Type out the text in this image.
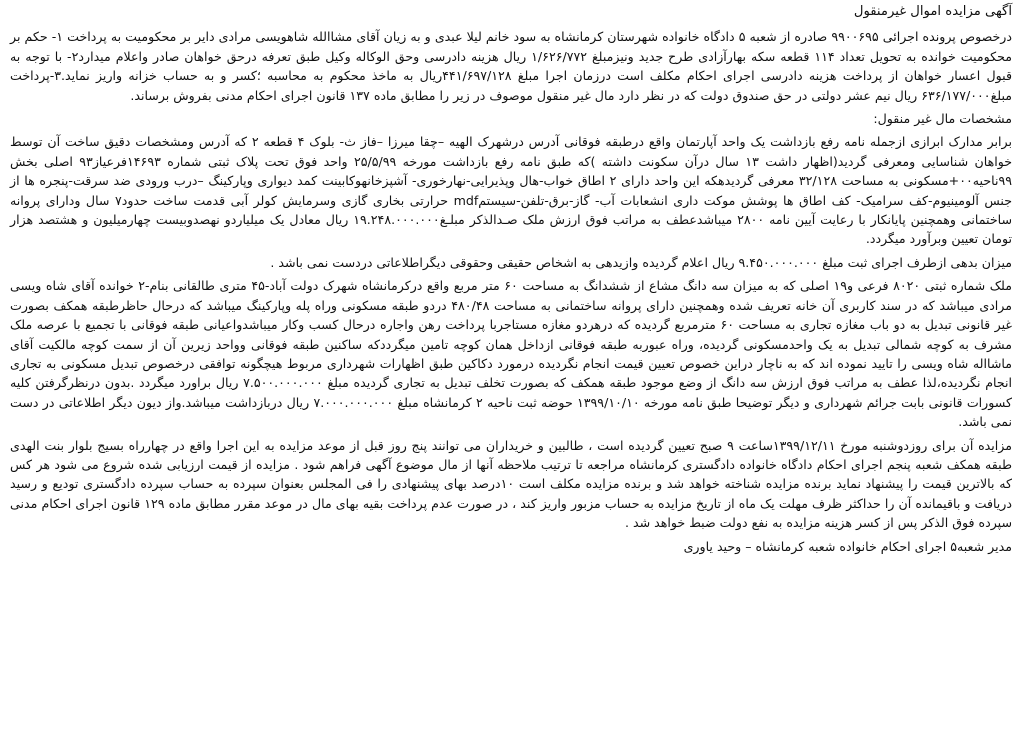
آگهی مزایده اموال غیرمنقول

درخصوص پرونده اجرائی ۹۹۰۰۶۹۵ صادره از شعبه ۵ دادگاه خانواده شهرستان کرمانشاه به سود خانم لیلا عبدی و به زیان آقای مشاالله شاهویسی مرادی دایر بر محکومیت به پرداخت ۱- حکم بر محکومیت خوانده به تحویل تعداد ۱۱۴ قطعه سکه بهارآزادی طرح جدید ونیزمبلغ ۱/۶۲۶/۷۷۲ ریال هزینه دادرسی وحق الوکاله وکیل طبق تعرفه درحق خواهان صادر واعلام میدارد۲- با توجه به قبول اعسار خواهان از پرداخت هزینه دادرسی اجرای احکام مکلف است درزمان اجرا مبلغ ۴۴۱/۶۹۷/۱۲۸ریال به ماخذ محکوم به محاسبه ؛کسر و به حساب خزانه واریز نماید.۳-پرداخت مبلغ۶۳۶/۱۷۷/۰۰۰ ریال نیم عشر دولتی در حق صندوق دولت که در نظر دارد مال غیر منقول موصوف در زیر را مطابق ماده ۱۳۷ قانون اجرای احکام مدنی بفروش برساند.

مشخصات مال غیر منقول:

برابر مدارک ابرازی ازجمله نامه رفع بازداشت یک واحد آپارتمان واقع درطبقه فوقانی آدرس درشهرک الهیه –چقا میرزا –فاز ث- بلوک ۴ قطعه ۲ که آدرس ومشخصات دقیق ساخت آن توسط خواه‍ان شناس‍ایی ومعرفی گردید(اظهار داشت ۱۳ س‍ال درآن سکونت داشته )که طب‍ق نامه رفع بازداشت مورخه ۲۵/۵/۹۹ واحد فوق تحت پلاک ثبتی شماره ۱۴۶۹۳فرعیاز۹۳ اصلی بخش ۹۹ناحیه۰۰+مسکونی به مساحت ۳۲/۱۲۸ معرفی گردیدهکه این واحد دارای ۲ اطاق خواب-هال وپذیرایی-نهارخوری- آشپزخانهوکابینت کمد دیواری وپارکینگ –درب ورودی ضد سرقت-پنجره ها از جنس آلومینیوم-کف سرامیک- کف اطاق ها پوشش موکت داری انشعابات آب- گاز-برق-تلفن-سیستمmdf حرارتی بخاری گازی وسرمایش کولر آبی قدمت ساخت حدود۷ سال ودارای پروانه ساختمانی وهمچنین پایانکار با رعایت آیین نامه ۲۸۰۰ میباشدعطف به مراتب فوق ارزش ملک ص‍‍ـ‍دالذکر مب‍لـ‍غ۱۹.۲۴۸.۰۰۰.۰۰۰ ریال معادل یک میلیاردو نهصدوبیست چهارمیلیون و هشتصد هزار تومان تعیین وبرآورد میگردد.

میزان بدهی ازطرف اج‍رای ثبت مبلغ ۹.۴۵۰.۰۰۰.۰۰۰ ریال اعلام گردیده وازیدهی به اشخ‍اص حقیقی وحقوقی دیگراطلاعاتی دردست نمی باشد .

ملک شماره ثبتی ۸۰۲۰ فرعی و۱۹ اصلی که به میزان سه دانگ مش‍اع از ششدانگ به مس‍احت ۶۰ متر مربع واقع درکرمانشاه شهرک دولت آباد-۴۵ متری طالقانی بن‍ام-۲ خوانده آقای شاه ویسی مرادی میب‍اشد که در سند کاربری آن خان‍ه تعریف شده وهمچنین دارای پروانه س‍اختمانی به مس‍احت ۴۸۰/۴۸ دردو طبقه مسکونی وراه پله وپارکینگ میب‍اشد که درحال حاظرطبقه همکف بصورت غیر قانونی تبدیل به دو باب مغازه تجاری به مساحت ۶۰ مترمربع گردیده که درهردو مغازه مستاجربا پرداخت رهن واجاره درحال کسب وکار میباشدو‌اعیانی طبقه فوقانی با تجمیع با عرصه ملک مشرف به کوچه شمالی تبدیل به یک واحدمسکونی گردیده، وراه عبوربه طبقه فوقانی ازداخل همان کوچه تامین میگرددکه ساکنین طبقه فوق‍انی وواحد زیرین آن از سمت کوچ‍ه مالکیت آق‍ای ماش‍االه ش‍اه ویسی را تایید نموده اند که به ناچ‍ار دراین خصوص تعیین قیمت انجام نگردیده درمورد دکاکین طبق اظهارات شهرداری مربوط هیچگونه توافقی درخصوص تب‍دیل مسکونی به تجاری انجام نگردیده،لذا عطف به مراتب فوق ارزش س‍ه دانگ از وضع موج‍ود طبقه همکف که بصورت تخلف تبدیل به تجاری گردیده مبلغ ۷.۵۰۰.۰۰۰.۰۰۰ ریال براورد میگردد .بدون درنظرگرفتن کلیه کسورات قانونی بابت جرائم شهرداری و دیگر توضیحا طبق نامه مورخه ۱۳۹۹/۱۰/۱۰ حوضه ثبت ناحیه ۲ کرمانشاه مبلغ ۷.۰۰۰.۰۰۰.۰۰۰ ریال دربازداشت میباشد.واز دیون دیگر اطلاعاتی در دست نمی باشد.

مزایده آن برای روزدوشنبه مورخ ۱۳۹۹/۱۲/۱۱ساعت ۹ صبح تعیین گردیده است ، طالبین و خریداران می توانند پنج روز قبل از موعد مزایده به این اجرا واقع در چهارراه بسیج بلوار بنت الهدی طبقه همکف شعبه پنجم اجرای احکام دادگاه خانواده دادگستری کرمانشاه مراجعه تا ترتیب ملاحظه آنها از مال موضوع آگهی فراهم شود . مزایده از قیمت ارزیابی شده شروع می شود هر کس که بالاترین قیمت را پیشنهاد نماید برنده مزایده شناخته خواهد شد و برنده مزایده مکلف است ۱۰درصد بهای پیشنهادی را فی المجلس بعنوان سپرده به حساب سپرده دادگستری تودیع و رسید دریافت و باقیمانده آن را حداکثر ظرف مهلت یک ماه از تاریخ مزایده به حساب مزبور واریز کند ، در صورت عدم پرداخت بقیه بهای مال در موعد مقرر مطابق ماده ۱۲۹ قانون اجرای احکام مدنی سپرده فوق الذکر پس از کسر هزینه مزایده به نفع دولت ضبط خواهد شد .

مدیر شعبه۵ اجرای احکام خانواده شعبه کرمانشاه – وحید یاوری
